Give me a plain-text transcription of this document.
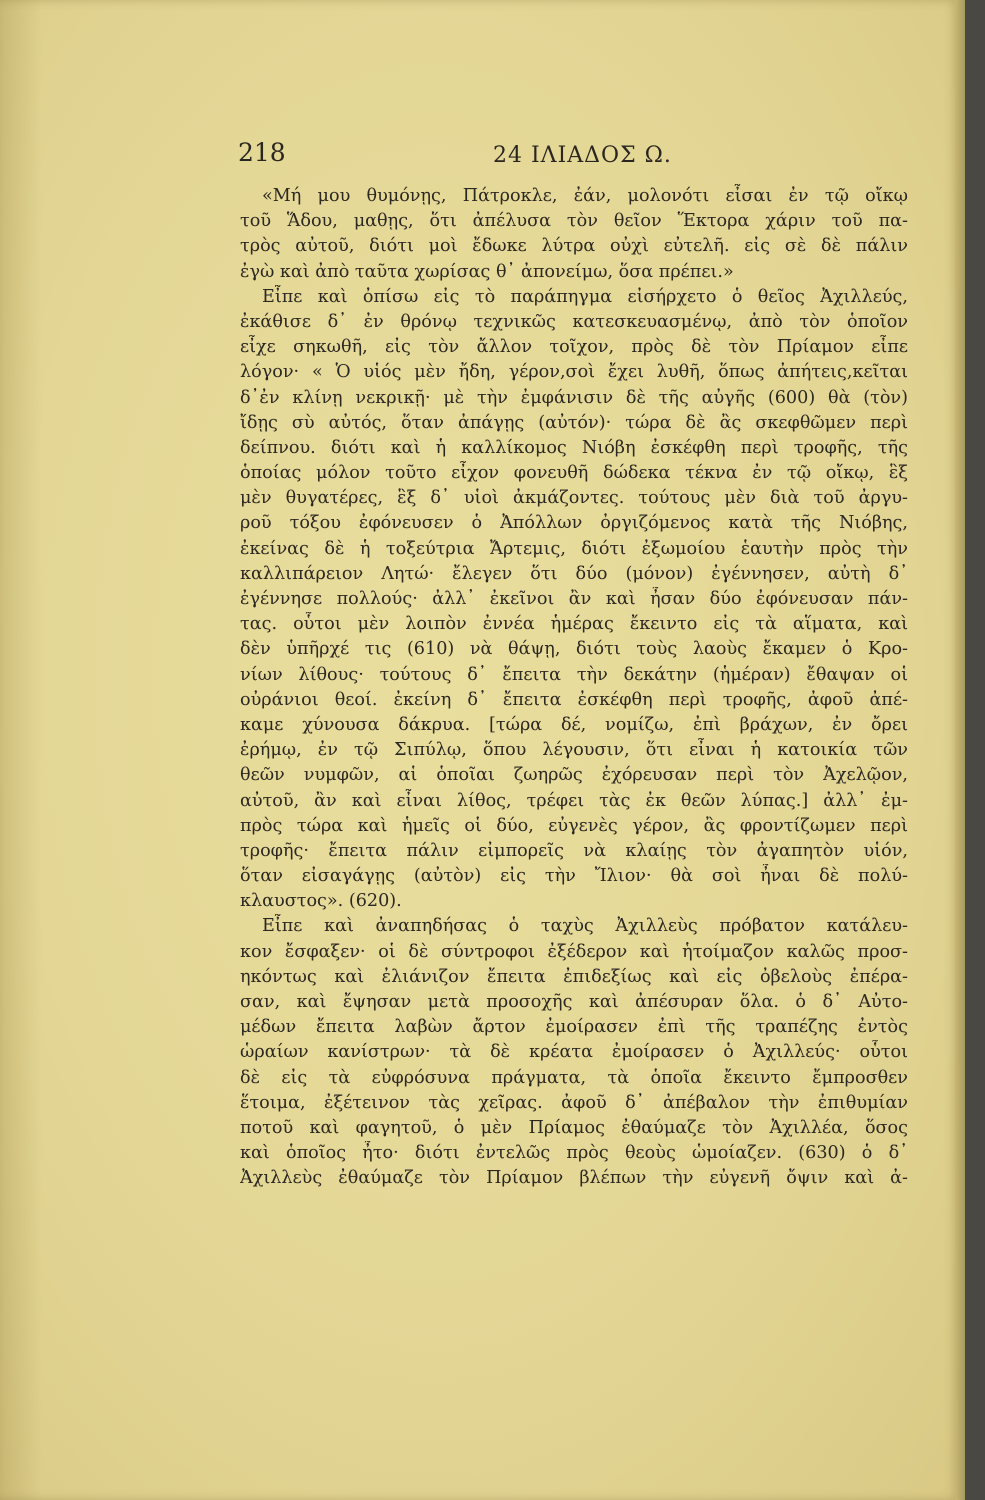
218	24 ΙΛΙΑΔΟΣ Ω.
«Μή μου θυμόνῃς, Πάτροκλε, ἐάν, μολονότι εἶσαι ἐν τῷ οἴκῳ
τοῦ Ἅδου, μαθῃς, ὅτι ἀπέλυσα τὸν θεῖον Ἕκτορα χάριν τοῦ πα-
τρὸς αὐτοῦ, διότι μοὶ ἔδωκε λύτρα οὐχὶ εὐτελῆ. εἰς σὲ δὲ πάλιν
ἐγὼ καὶ ἀπὸ ταῦτα χωρίσας θ᾽ ἀπονείμω, ὅσα πρέπει.»
Εἶπε καὶ ὀπίσω εἰς τὸ παράπηγμα εἰσήρχετο ὁ θεῖος Ἀχιλλεύς,
ἐκάθισε δ᾽ ἐν θρόνῳ τεχνικῶς κατεσκευασμένῳ, ἀπὸ τὸν ὁποῖον
εἶχε σηκωθῆ, εἰς τὸν ἄλλον τοῖχον, πρὸς δὲ τὸν Πρίαμον εἶπε
λόγον· « Ὁ υἱός μὲν ἤδη, γέρον,σοὶ ἔχει λυθῆ, ὅπως ἀπήτεις,κεῖται
δ᾽ἐν κλίνῃ νεκρικῇ· μὲ τὴν ἐμφάνισιν δὲ τῆς αὐγῆς (600) θὰ (τὸν)
ἴδῃς σὺ αὐτός, ὅταν ἀπάγῃς (αὐτόν)· τώρα δὲ ἂς σκεφθῶμεν περὶ
δείπνου. διότι καὶ ἡ καλλίκομος Νιόβη ἐσκέφθη περὶ τροφῆς, τῆς
ὁποίας μόλον τοῦτο εἶχον φονευθῆ δώδεκα τέκνα ἐν τῷ οἴκῳ, ἓξ
μὲν θυγατέρες, ἓξ δ᾽ υἱοὶ ἀκμάζοντες. τούτους μὲν διὰ τοῦ ἀργυ-
ροῦ τόξου ἐφόνευσεν ὁ Ἀπόλλων ὀργιζόμενος κατὰ τῆς Νιόβης,
ἐκείνας δὲ ἡ τοξεύτρια Ἄρτεμις, διότι ἐξωμοίου ἑαυτὴν πρὸς τὴν
καλλιπάρειον Λητώ· ἔλεγεν ὅτι δύο (μόνον) ἐγέννησεν, αὐτὴ δ᾽
ἐγέννησε πολλούς· ἀλλ᾽ ἐκεῖνοι ἂν καὶ ἦσαν δύο ἐφόνευσαν πάν-
τας. οὗτοι μὲν λοιπὸν ἐννέα ἡμέρας ἔκειντο εἰς τὰ αἵματα, καὶ
δὲν ὑπῆρχέ τις (610) νὰ θάψῃ, διότι τοὺς λαοὺς ἔκαμεν ὁ Κρο-
νίων λίθους· τούτους δ᾽ ἔπειτα τὴν δεκάτην (ἡμέραν) ἔθαψαν οἱ
οὐράνιοι θεοί. ἐκείνη δ᾽ ἔπειτα ἐσκέφθη περὶ τροφῆς, ἀφοῦ ἀπέ-
καμε χύνουσα δάκρυα. [τώρα δέ, νομίζω, ἐπὶ βράχων, ἐν ὄρει
ἐρήμῳ, ἐν τῷ Σιπύλῳ, ὅπου λέγουσιν, ὅτι εἶναι ἡ κατοικία τῶν
θεῶν νυμφῶν, αἱ ὁποῖαι ζωηρῶς ἐχόρευσαν περὶ τὸν Ἀχελῷον,
αὐτοῦ, ἂν καὶ εἶναι λίθος, τρέφει τὰς ἐκ θεῶν λύπας.] ἀλλ᾽ ἐμ-
πρὸς τώρα καὶ ἡμεῖς οἱ δύο, εὐγενὲς γέρον, ἂς φροντίζωμεν περὶ
τροφῆς· ἔπειτα πάλιν εἰμπορεῖς νὰ κλαίῃς τὸν ἀγαπητὸν υἱόν,
ὅταν εἰσαγάγῃς (αὐτὸν) εἰς τὴν Ἴλιον· θὰ σοὶ ἦναι δὲ πολύ-
κλαυστος». (620).
Εἶπε καὶ ἀναπηδήσας ὁ ταχὺς Ἀχιλλεὺς πρόβατον κατάλευ-
κον ἔσφαξεν· οἱ δὲ σύντροφοι ἐξέδερον καὶ ἡτοίμαζον καλῶς προσ-
ηκόντως καὶ ἐλιάνιζον ἔπειτα ἐπιδεξίως καὶ εἰς ὀβελοὺς ἐπέρα-
σαν, καὶ ἔψησαν μετὰ προσοχῆς καὶ ἀπέσυραν ὅλα. ὁ δ᾽ Αὐτο-
μέδων ἔπειτα λαβὼν ἄρτον ἐμοίρασεν ἐπὶ τῆς τραπέζης ἐντὸς
ὡραίων κανίστρων· τὰ δὲ κρέατα ἐμοίρασεν ὁ Ἀχιλλεύς· οὗτοι
δὲ εἰς τὰ εὐφρόσυνα πράγματα, τὰ ὁποῖα ἔκειντο ἔμπροσθεν
ἕτοιμα, ἐξέτεινον τὰς χεῖρας. ἀφοῦ δ᾽ ἀπέβαλον τὴν ἐπιθυμίαν
ποτοῦ καὶ φαγητοῦ, ὁ μὲν Πρίαμος ἐθαύμαζε τὸν Ἀχιλλέα, ὅσος
καὶ ὁποῖος ἦτο· διότι ἐντελῶς πρὸς θεοὺς ὡμοίαζεν. (630) ὁ δ᾽
Ἀχιλλεὺς ἐθαύμαζε τὸν Πρίαμον βλέπων τὴν εὐγενῆ ὄψιν καὶ ἀ-
